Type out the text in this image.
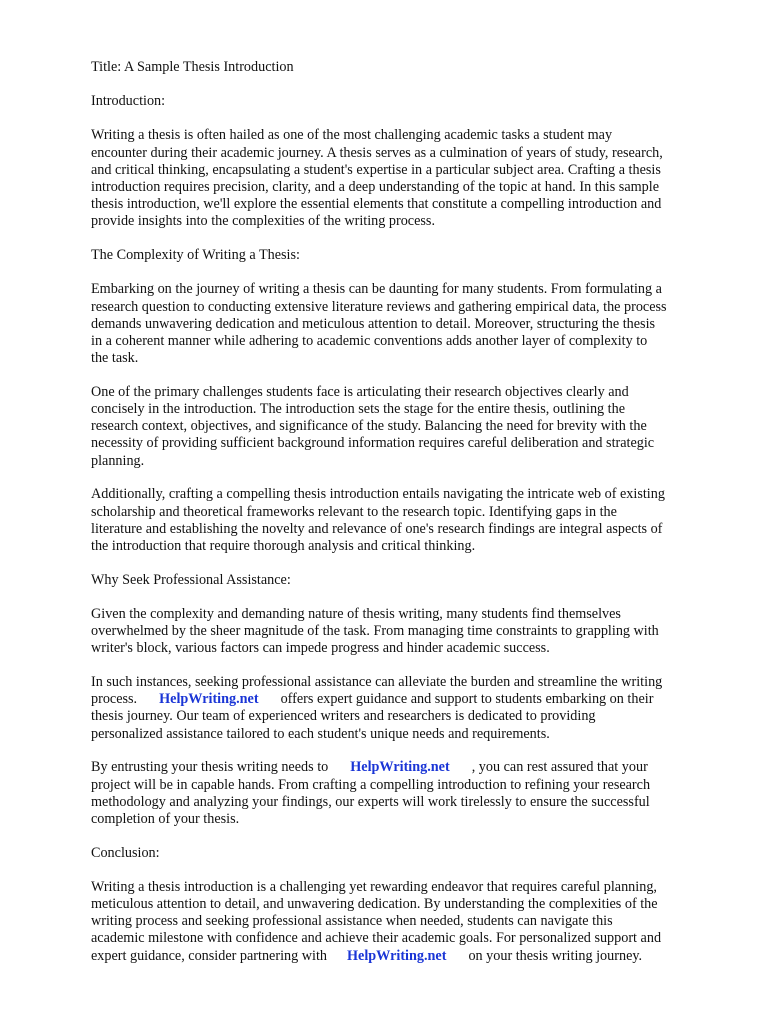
Title: A Sample Thesis Introduction
Introduction:
Writing a thesis is often hailed as one of the most challenging academic tasks a student may
encounter during their academic journey. A thesis serves as a culmination of years of study, research,
and critical thinking, encapsulating a student's expertise in a particular subject area. Crafting a thesis
introduction requires precision, clarity, and a deep understanding of the topic at hand. In this sample
thesis introduction, we'll explore the essential elements that constitute a compelling introduction and
provide insights into the complexities of the writing process.
The Complexity of Writing a Thesis:
Embarking on the journey of writing a thesis can be daunting for many students. From formulating a
research question to conducting extensive literature reviews and gathering empirical data, the process
demands unwavering dedication and meticulous attention to detail. Moreover, structuring the thesis
in a coherent manner while adhering to academic conventions adds another layer of complexity to
the task.
One of the primary challenges students face is articulating their research objectives clearly and
concisely in the introduction. The introduction sets the stage for the entire thesis, outlining the
research context, objectives, and significance of the study. Balancing the need for brevity with the
necessity of providing sufficient background information requires careful deliberation and strategic
planning.
Additionally, crafting a compelling thesis introduction entails navigating the intricate web of existing
scholarship and theoretical frameworks relevant to the research topic. Identifying gaps in the
literature and establishing the novelty and relevance of one's research findings are integral aspects of
the introduction that require thorough analysis and critical thinking.
Why Seek Professional Assistance:
Given the complexity and demanding nature of thesis writing, many students find themselves
overwhelmed by the sheer magnitude of the task. From managing time constraints to grappling with
writer's block, various factors can impede progress and hinder academic success.
In such instances, seeking professional assistance can alleviate the burden and streamline the writing
process. HelpWriting.net offers expert guidance and support to students embarking on their
thesis journey. Our team of experienced writers and researchers is dedicated to providing
personalized assistance tailored to each student's unique needs and requirements.
By entrusting your thesis writing needs to HelpWriting.net , you can rest assured that your
project will be in capable hands. From crafting a compelling introduction to refining your research
methodology and analyzing your findings, our experts will work tirelessly to ensure the successful
completion of your thesis.
Conclusion:
Writing a thesis introduction is a challenging yet rewarding endeavor that requires careful planning,
meticulous attention to detail, and unwavering dedication. By understanding the complexities of the
writing process and seeking professional assistance when needed, students can navigate this
academic milestone with confidence and achieve their academic goals. For personalized support and
expert guidance, consider partnering with HelpWriting.net on your thesis writing journey.
